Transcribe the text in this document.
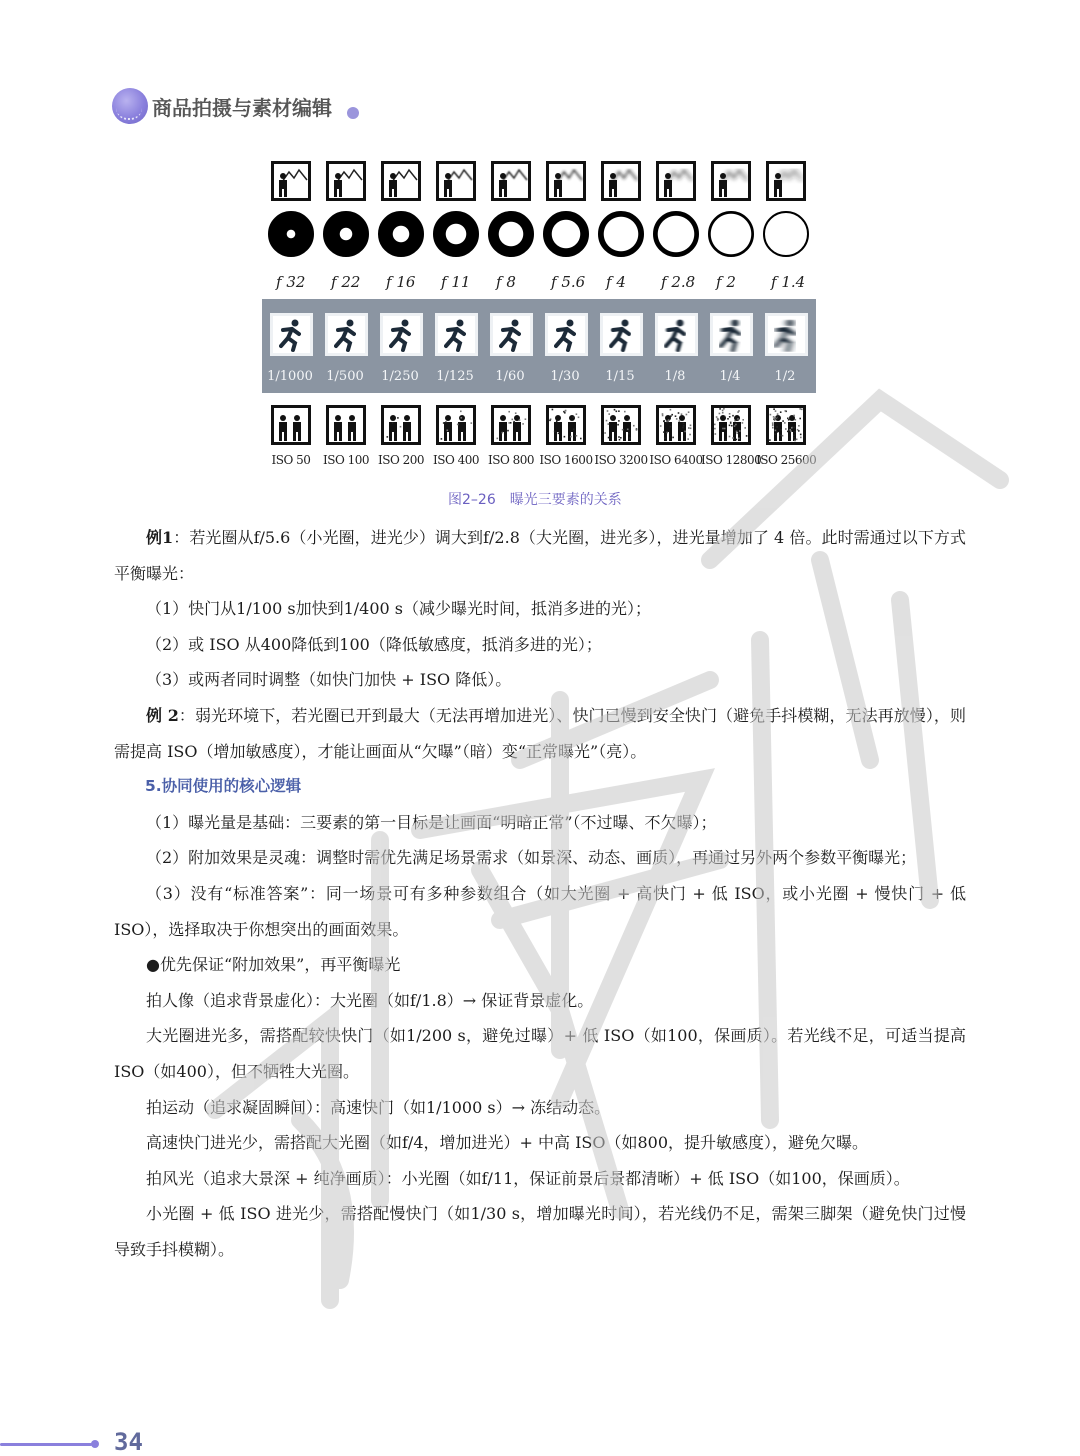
商品拍摄与素材编辑
f 32 f 22 f 16 f 11 f 8 f 5.6 f 4 f 2.8 f 2 f 1.4
1/1000	1/500	1/250	1/125	1/60	1/30	1/15	1/8	1/4	1/2
ISO 50	ISO 100 ISO 200 ISO 400 ISO 800 ISO 1600 ISO 3200 ISO 6400
ISO 12800
ISO 25600
图2–26　曝光三要素的关系

例1：若光圈从f/5.6（小光圈，进光少）调大到f/2.8（大光圈，进光多），进光量增加了 4 倍。此时需通过以下方式平衡曝光：

（1）快门从1/100 s加快到1/400 s（减少曝光时间，抵消多进的光）；

（2）或 ISO 从400降低到100（降低敏感度，抵消多进的光）；

（3）或两者同时调整（如快门加快 + ISO 降低）。

例 2：弱光环境下，若光圈已开到最大（无法再增加进光）、快门已慢到安全快门（避免手抖模糊，无法再放慢），则需提高 ISO（增加敏感度），才能让画面从“欠曝”（暗）变“正常曝光”（亮）。

5.协同使用的核心逻辑

（1）曝光量是基础：三要素的第一目标是让画面“明暗正常”（不过曝、不欠曝）；

（2）附加效果是灵魂：调整时需优先满足场景需求（如景深、动态、画质），再通过另外两个参数平衡曝光；

（3）没有“标准答案”：同一场景可有多种参数组合（如大光圈 + 高快门 + 低 ISO，或小光圈 + 慢快门 + 低 ISO），选择取决于你想突出的画面效果。

●优先保证“附加效果”，再平衡曝光

拍人像（追求背景虚化）：大光圈（如f/1.8）→ 保证背景虚化。

大光圈进光多，需搭配较快快门（如1/200 s，避免过曝）+ 低 ISO（如100，保画质）。若光线不足，可适当提高 ISO（如400），但不牺牲大光圈。

拍运动（追求凝固瞬间）：高速快门（如1/1000 s）→ 冻结动态。

高速快门进光少，需搭配大光圈（如f/4，增加进光）+ 中高 ISO（如800，提升敏感度），避免欠曝。

拍风光（追求大景深 + 纯净画质）：小光圈（如f/11，保证前景后景都清晰）+ 低 ISO（如100，保画质）。

小光圈 + 低 ISO 进光少，需搭配慢快门（如1/30 s，增加曝光时间），若光线仍不足，需架三脚架（避免快门过慢导致手抖模糊）。

34
